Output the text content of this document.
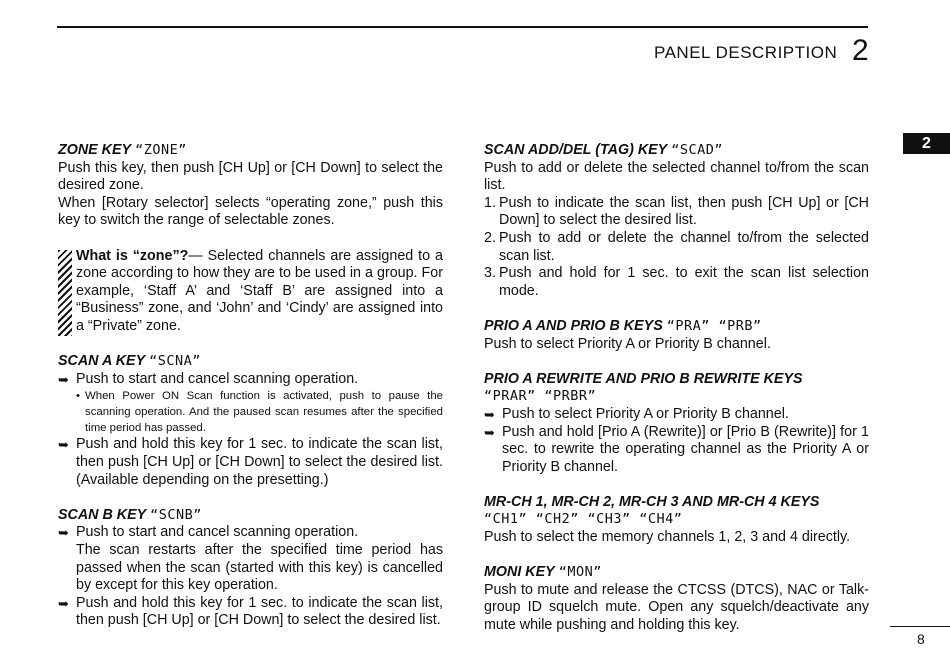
PANEL DESCRIPTION 2
2
ZONE KEY “ZONE”

Push this key, then push [CH Up] or [CH Down] to select the desired zone.

When [Rotary selector] selects “operating zone,” push this key to switch the range of selectable zones.

What is “zone”?— Selected channels are assigned to a zone according to how they are to be used in a group. For example, ‘Staff A’ and ‘Staff B’ are assigned into a “Business” zone, and ‘John’ and ‘Cindy’ are assigned into a “Private” zone.
SCAN A KEY “SCNA”
➥ Push to start and cancel scanning operation.
• When Power ON Scan function is activated, push to pause the scanning operation. And the paused scan resumes after the specified time period has passed.
➥ Push and hold this key for 1 sec. to indicate the scan list, then push [CH Up] or [CH Down] to select the desired list. (Available depending on the presetting.)
SCAN B KEY “SCNB”
➥ Push to start and cancel scanning operation.
The scan restarts after the specified time period has passed when the scan (started with this key) is cancelled by except for this key operation.
➥ Push and hold this key for 1 sec. to indicate the scan list, then push [CH Up] or [CH Down] to select the desired list.
SCAN ADD/DEL (TAG) KEY “SCAD”

Push to add or delete the selected channel to/from the scan list.

1. Push to indicate the scan list, then push [CH Up] or [CH Down] to select the desired list.
2. Push to add or delete the channel to/from the selected scan list.
3. Push and hold for 1 sec. to exit the scan list selection mode.
PRIO A AND PRIO B KEYS “PRA” “PRB”

Push to select Priority A or Priority B channel.

PRIO A REWRITE AND PRIO B REWRITE KEYS
“PRAR” “PRBR”
➥ Push to select Priority A or Priority B channel.
➥ Push and hold [Prio A (Rewrite)] or [Prio B (Rewrite)] for 1 sec. to rewrite the operating channel as the Priority A or Priority B channel.
MR-CH 1, MR-CH 2, MR-CH 3 AND MR-CH 4 KEYS
“CH1” “CH2” “CH3” “CH4”

Push to select the memory channels 1, 2, 3 and 4 directly.

MONI KEY “MON”

Push to mute and release the CTCSS (DTCS), NAC or Talk-group ID squelch mute. Open any squelch/deactivate any mute while pushing and holding this key.

8
